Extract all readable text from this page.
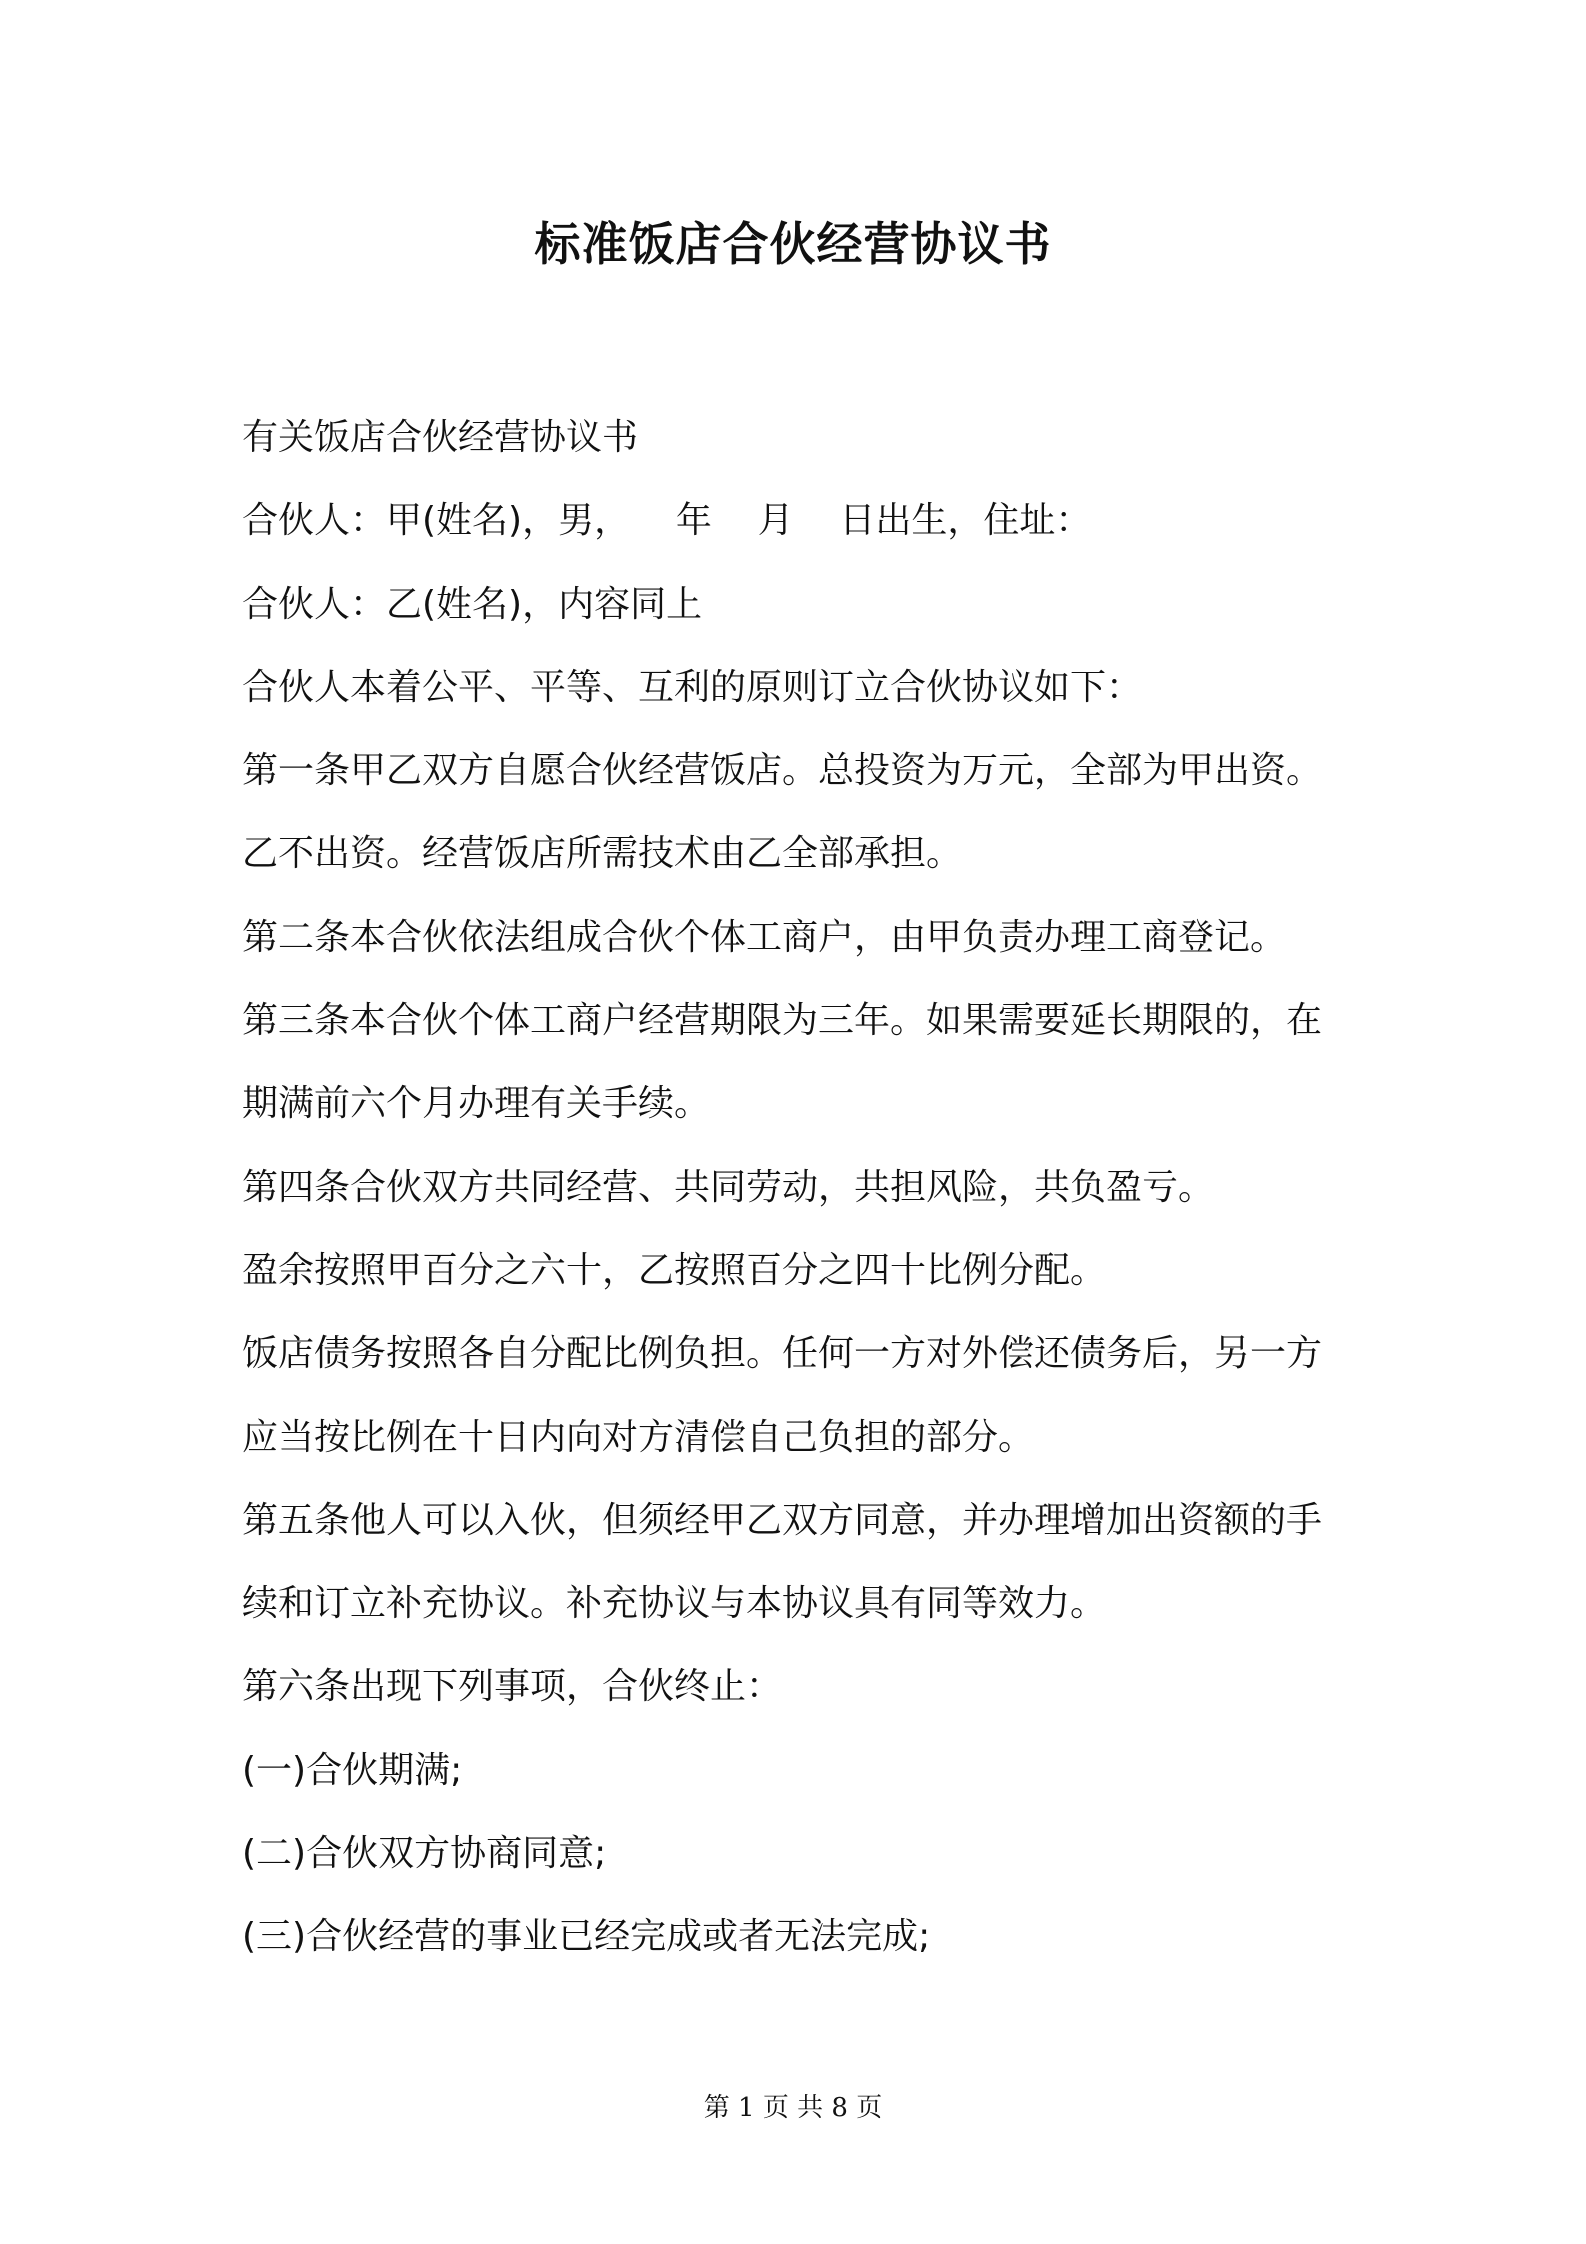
标准饭店合伙经营协议书
有关饭店合伙经营协议书
合伙人：甲(姓名)，男，    年    月    日出生，住址：
合伙人：乙(姓名)，内容同上
合伙人本着公平、平等、互利的原则订立合伙协议如下：
第一条甲乙双方自愿合伙经营饭店。总投资为万元，全部为甲出资。
乙不出资。经营饭店所需技术由乙全部承担。
第二条本合伙依法组成合伙个体工商户，由甲负责办理工商登记。
第三条本合伙个体工商户经营期限为三年。如果需要延长期限的，在
期满前六个月办理有关手续。
第四条合伙双方共同经营、共同劳动，共担风险，共负盈亏。
盈余按照甲百分之六十，乙按照百分之四十比例分配。
饭店债务按照各自分配比例负担。任何一方对外偿还债务后，另一方
应当按比例在十日内向对方清偿自己负担的部分。
第五条他人可以入伙，但须经甲乙双方同意，并办理增加出资额的手
续和订立补充协议。补充协议与本协议具有同等效力。
第六条出现下列事项，合伙终止：
(一)合伙期满;
(二)合伙双方协商同意;
(三)合伙经营的事业已经完成或者无法完成;
第 1 页 共 8 页
